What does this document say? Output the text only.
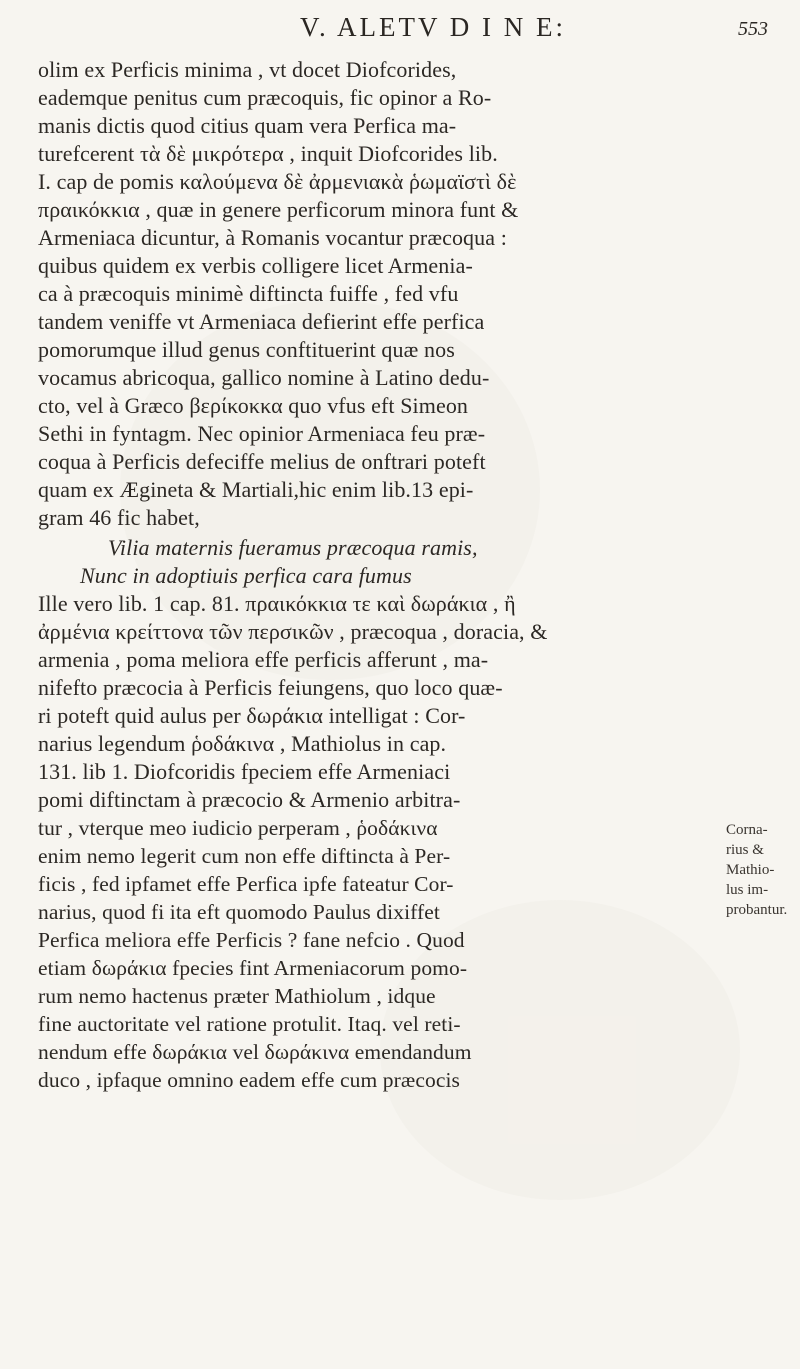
V. ALETV D I N E:	553
olim ex Perficis minima , vt docet Diofcorides,
eademque penitus cum præcoquis, fic opinor a Ro-
manis dictis quod citius quam vera Perfica ma-
turefcerent τὰ δὲ μικρότερα , inquit Diofcorides lib.
I. cap de pomis καλούμενα δὲ ἀρμενιακὰ ῥωμαϊστὶ δὲ
πραικόκκια , quæ in genere perficorum minora funt &
Armeniaca dicuntur, à Romanis vocantur præcoqua :
quibus quidem ex verbis colligere licet Armenia-
ca à præcoquis minimè diftincta fuiffe , fed vfu
tandem veniffe vt Armeniaca defierint effe perfica
pomorumque illud genus conftituerint quæ nos
vocamus abricoqua, gallico nomine à Latino dedu-
cto, vel à Græco βερίκοκκα quo vfus eft Simeon
Sethi in fyntagm. Nec opinior Armeniaca feu præ-
coqua à Perficis defeciffe melius de onftrari poteft
quam ex Ægineta & Martiali,hic enim lib.13 epi-
gram 46 fic habet,
Vilia maternis fueramus præcoqua ramis,
Nunc in adoptiuis perfica cara fumus
Ille vero lib. 1 cap. 81. πραικόκκια τε καὶ δωράκια , ἢ
ἀρμένια κρείττονα τῶν περσικῶν , præcoqua , doracia, &
armenia , poma meliora effe perficis afferunt , ma-
nifefto præcocia à Perficis feiungens, quo loco quæ-
ri poteft quid aulus per δωράκια intelligat : Cor-
narius legendum ῥοδάκινα , Mathiolus in cap.
131. lib 1. Diofcoridis fpeciem effe Armeniaci
pomi diftinctam à præcocio & Armenio arbitra-
tur , vterque meo iudicio perperam , ῥοδάκινα
enim nemo legerit cum non effe diftincta à Per-
ficis , fed ipfamet effe Perfica ipfe fateatur Cor-
narius, quod fi ita eft quomodo Paulus dixiffet
Perfica meliora effe Perficis ? fane nefcio . Quod
etiam δωράκια fpecies fint Armeniacorum pomo-
rum nemo hactenus præter Mathiolum , idque
fine auctoritate vel ratione protulit. Itaq. vel reti-
nendum effe δωράκια vel δωράκινα emendandum
duco , ipfaque omnino eadem effe cum præcocis
Corna-
rius &
Mathio-
lus im-
probantur.
